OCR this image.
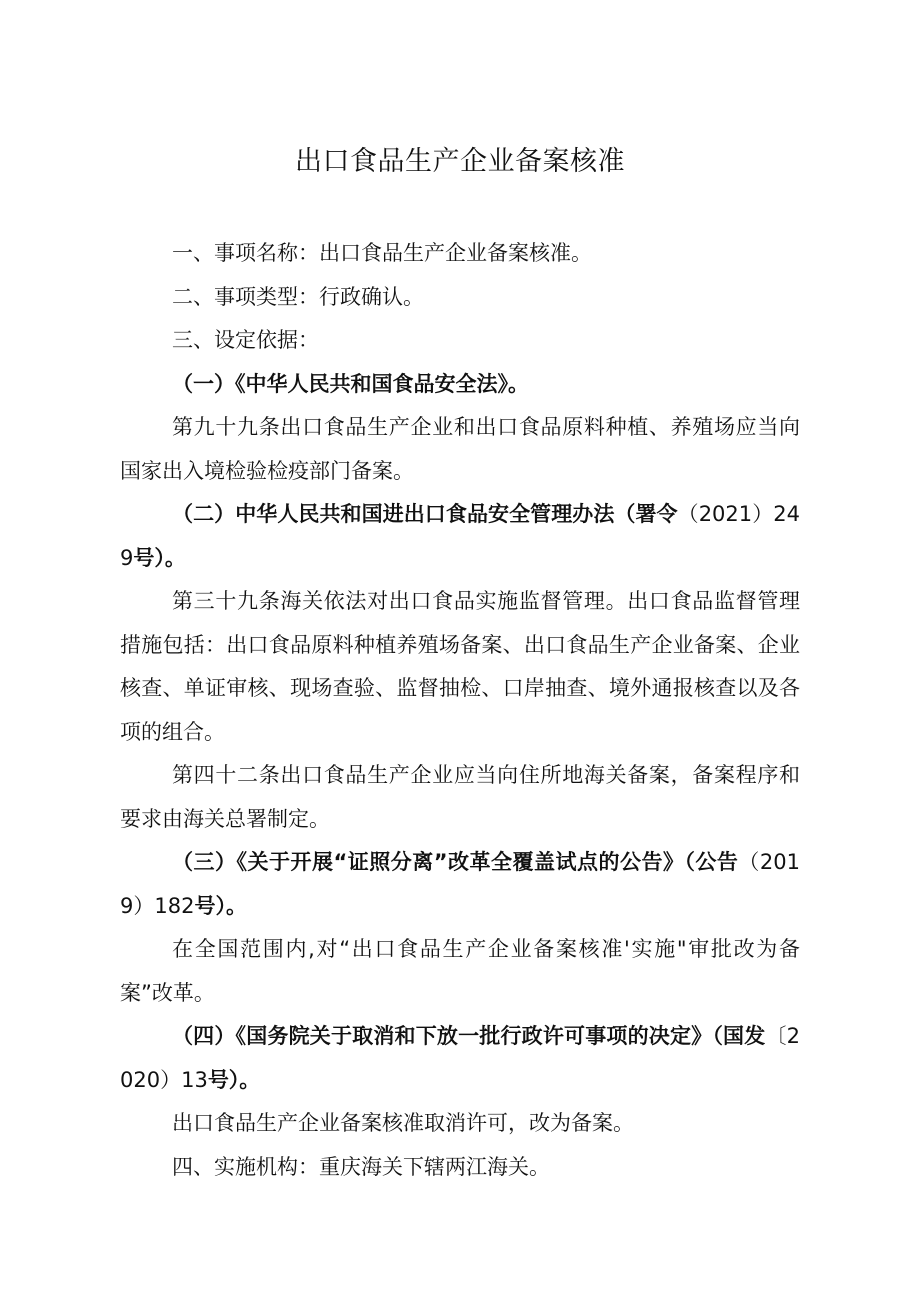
出口食品生产企业备案核准

一、事项名称：出口食品生产企业备案核准。

二、事项类型：行政确认。

三、设定依据：

（一）《中华人民共和国食品安全法》。

第九十九条出口食品生产企业和出口食品原料种植、养殖场应当向国家出入境检验检疫部门备案。

（二）中华人民共和国进出口食品安全管理办法（署令（2021）249号）。

第三十九条海关依法对出口食品实施监督管理。出口食品监督管理措施包括：出口食品原料种植养殖场备案、出口食品生产企业备案、企业核查、单证审核、现场查验、监督抽检、口岸抽查、境外通报核查以及各项的组合。

第四十二条出口食品生产企业应当向住所地海关备案，备案程序和要求由海关总署制定。

（三）《关于开展“证照分离”改革全覆盖试点的公告》（公告（2019）182号）。

在全国范围内,对“出口食品生产企业备案核准'实施"审批改为备案”改革。

（四）《国务院关于取消和下放一批行政许可事项的决定》（国发〔2020）13号）。

出口食品生产企业备案核准取消许可，改为备案。

四、实施机构：重庆海关下辖两江海关。
